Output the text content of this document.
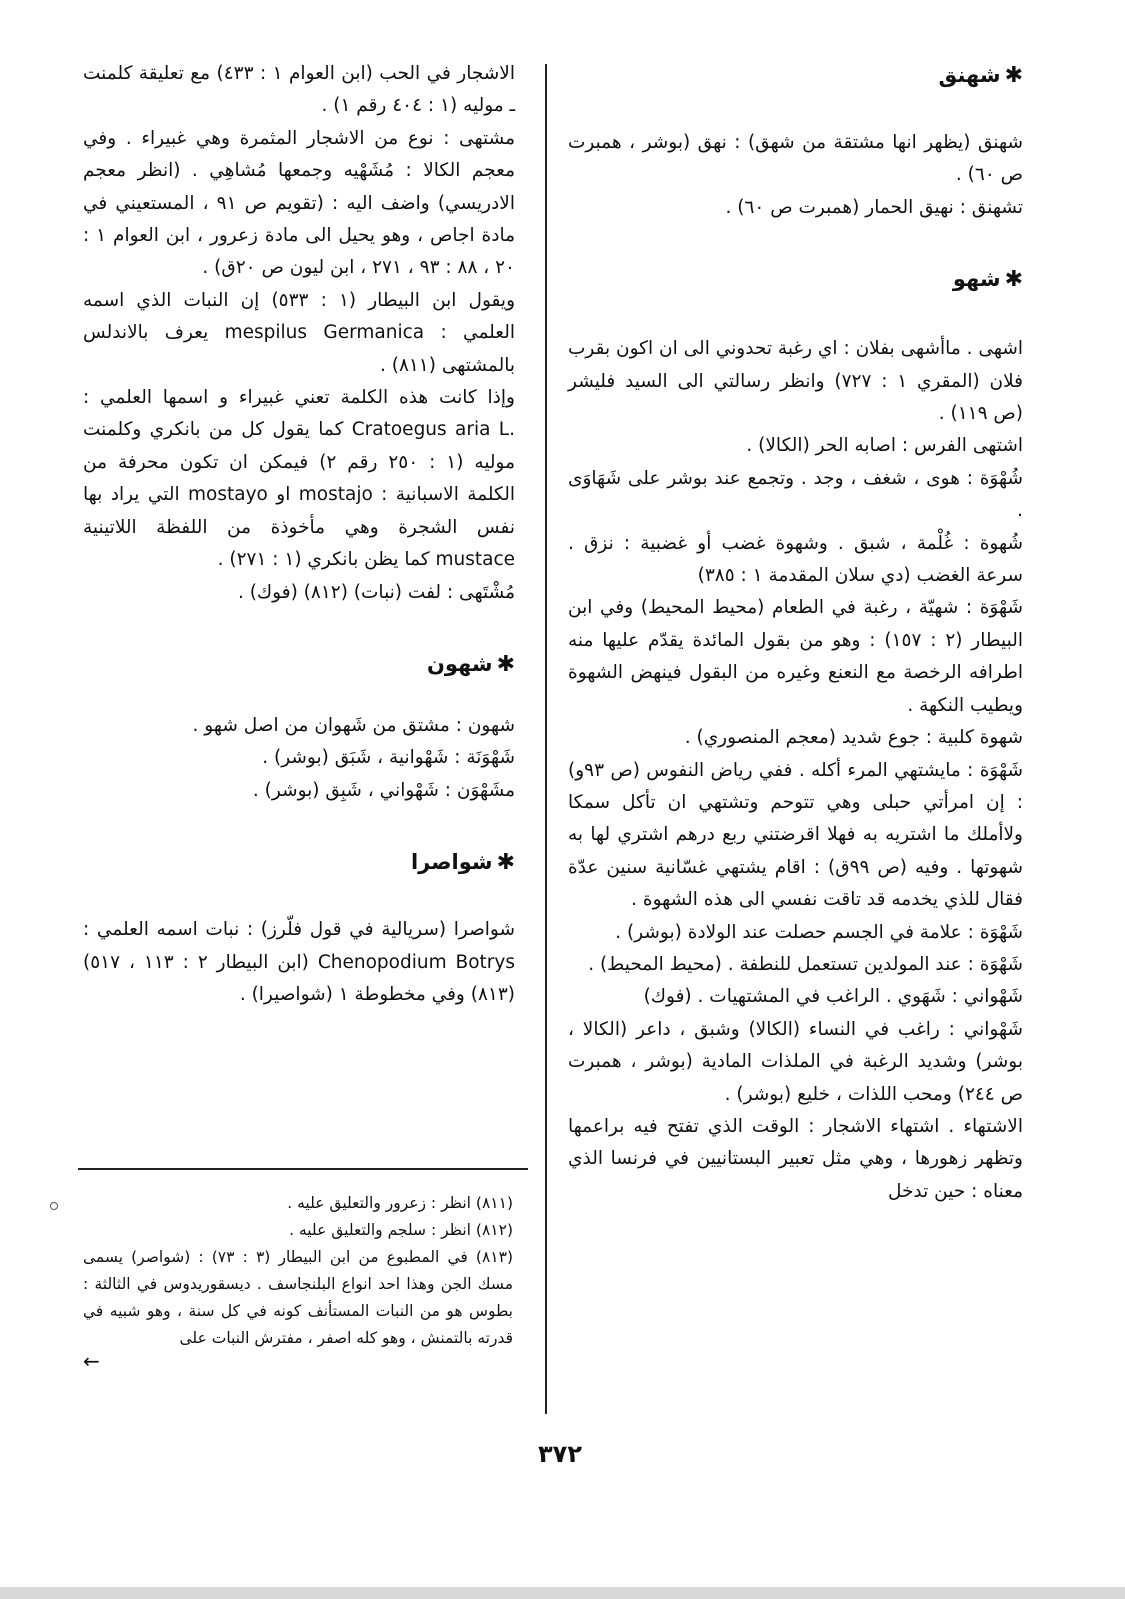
✱شهنق

شهنق (يظهر انها مشتقة من شهق) : نهق (بوشر ، همبرت ص ٦٠) .

تشهنق : نهيق الحمار (همبرت ص ٦٠) .

✱شهو

اشهى . ماأشهى بفلان : اي رغبة تحدوني الى ان اكون بقرب فلان (المقري ١ : ٧٢٧) وانظر رسالتي الى السيد فليشر (ص ١١٩) .

اشتهى الفرس : اصابه الحر (الكالا) .

شُهْوَة : هوى ، شغف ، وجد . وتجمع عند بوشر على شَهَاوَى .

شُهوة : غُلْمة ، شبق . وشهوة غضب أو غضبية : نزق . سرعة الغضب (دي سلان المقدمة ١ : ٣٨٥)

شَهْوَة : شهيّة ، رغبة في الطعام (محيط المحيط) وفي ابن البيطار (٢ : ١٥٧) : وهو من بقول المائدة يقدّم عليها منه اطرافه الرخصة مع النعنع وغيره من البقول فينهض الشهوة ويطيب النكهة .

شهوة كلبية : جوع شديد (معجم المنصوري) .

شَهْوَة : مايشتهي المرء أكله . ففي رياض النفوس (ص ٩٣و) : إن امرأتي حبلى وهي تتوحم وتشتهي ان تأكل سمكا ولاأملك ما اشتريه به فهلا اقرضتني ربع درهم اشتري لها به شهوتها . وفيه (ص ٩٩ق) : اقام يشتهي غسّانية سنين عدّة فقال للذي يخدمه قد تاقت نفسي الى هذه الشهوة .

شَهْوَة : علامة في الجسم حصلت عند الولادة (بوشر) .

شَهْوَة : عند المولدين تستعمل للنطفة . (محيط المحيط) .

شَهْواني : شَهَوي . الراغب في المشتهيات . (فوك)

شَهْواني : راغب في النساء (الكالا) وشبق ، داعر (الكالا ، بوشر) وشديد الرغبة في الملذات المادية (بوشر ، همبرت ص ٢٤٤) ومحب اللذات ، خليع (بوشر) .

الاشتهاء . اشتهاء الاشجار : الوقت الذي تفتح فيه براعمها وتظهر زهورها ، وهي مثل تعبير البستانيين في فرنسا الذي معناه : حين تدخل

الاشجار في الحب (ابن العوام ١ : ٤٣٣) مع تعليقة كلمنت ـ موليه (١ : ٤٠٤ رقم ١) .

مشتهى : نوع من الاشجار المثمرة وهي غبيراء . وفي معجم الكالا : مُشَهْيه وجمعها مُشاهِي . (انظر معجم الادريسي) واضف اليه : (تقويم ص ٩١ ، المستعيني في مادة اجاص ، وهو يحيل الى مادة زعرور ، ابن العوام ١ : ٢٠ ، ٨٨ : ٩٣ ، ٢٧١ ، ابن ليون ص ٢٠ق) .

ويقول ابن البيطار (١ : ٥٣٣) إن النبات الذي اسمه العلمي : mespilus Germanica يعرف بالاندلس بالمشتهى (٨١١) .

وإذا كانت هذه الكلمة تعني غبيراء و اسمها العلمي : .Cratoegus aria L كما يقول كل من بانكري وكلمنت موليه (١ : ٢٥٠ رقم ٢) فيمكن ان تكون محرفة من الكلمة الاسبانية : mostajo او mostayo التي يراد بها نفس الشجرة وهي مأخوذة من اللفظة اللاتينية mustace كما يظن بانكري (١ : ٢٧١) .

مُشْتَهى : لفت (نبات) (٨١٢) (فوك) .

✱شهون

شهون : مشتق من شَهوان من اصل شهو .

شَهْوَنَة : شَهْوانية ، شَبَق (بوشر) .

مشَهْوَن : شَهْواني ، شَبِق (بوشر) .

✱شواصرا

شواصرا (سريالية في قول فلّرز) : نبات اسمه العلمي : Chenopodium Botrys (ابن البيطار ٢ : ١١٣ ، ٥١٧) (٨١٣) وفي مخطوطة ١ (شواصيرا) .

(٨١١) انظر : زعرور والتعليق عليه .

(٨١٢) انظر : سلجم والتعليق عليه .

(٨١٣) في المطبوع من ابن البيطار (٣ : ٧٣) : (شواصر) يسمى مسك الجن وهذا احد انواع البلنجاسف . ديسقوريدوس في الثالثة : بطوس هو من النبات المستأنف كونه في كل سنة ، وهو شبيه في قدرته بالتمنش ، وهو كله اصفر ، مفترش النبات على

←
٣٧٢
